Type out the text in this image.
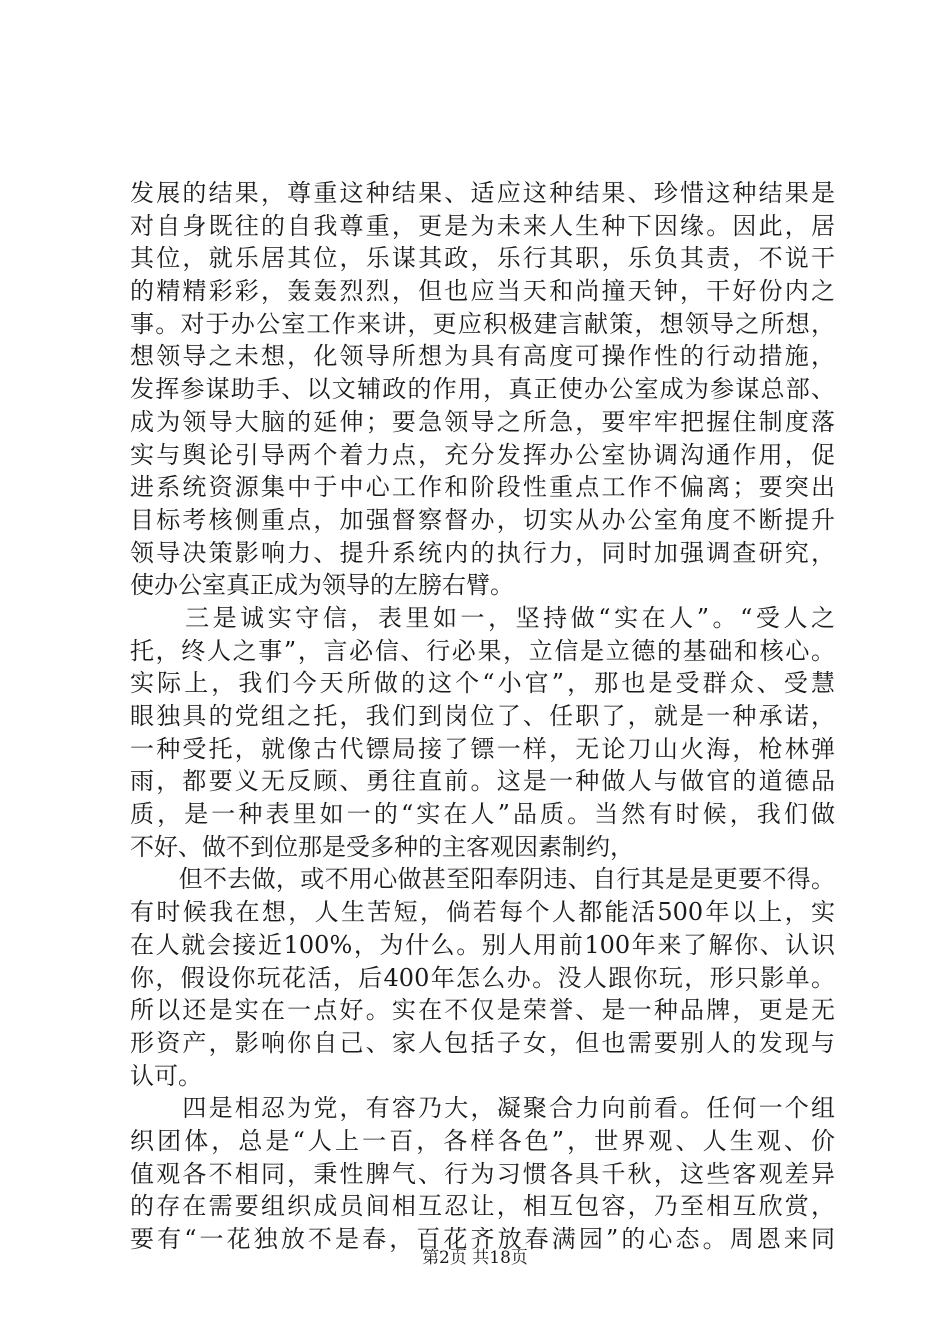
发展的结果，尊重这种结果、适应这种结果、珍惜这种结果是
对自身既往的自我尊重，更是为未来人生种下因缘。因此，居
其位，就乐居其位，乐谋其政，乐行其职，乐负其责，不说干
的精精彩彩，轰轰烈烈，但也应当天和尚撞天钟，干好份内之
事。对于办公室工作来讲，更应积极建言献策，想领导之所想，
想领导之未想，化领导所想为具有高度可操作性的行动措施，
发挥参谋助手、以文辅政的作用，真正使办公室成为参谋总部、
成为领导大脑的延伸；要急领导之所急，要牢牢把握住制度落
实与舆论引导两个着力点，充分发挥办公室协调沟通作用，促
进系统资源集中于中心工作和阶段性重点工作不偏离；要突出
目标考核侧重点，加强督察督办，切实从办公室角度不断提升
领导决策影响力、提升系统内的执行力，同时加强调查研究，
使办公室真正成为领导的左膀右臂。
　　三是诚实守信，表里如一，坚持做“实在人”。“受人之
托，终人之事”，言必信、行必果，立信是立德的基础和核心。
实际上，我们今天所做的这个“小官”，那也是受群众、受慧
眼独具的党组之托，我们到岗位了、任职了，就是一种承诺，
一种受托，就像古代镖局接了镖一样，无论刀山火海，枪林弹
雨，都要义无反顾、勇往直前。这是一种做人与做官的道德品
质，是一种表里如一的“实在人”品质。当然有时候，我们做
不好、做不到位那是受多种的主客观因素制约，
　　但不去做，或不用心做甚至阳奉阴违、自行其是是更要不得。
有时候我在想，人生苦短，倘若每个人都能活500年以上，实
在人就会接近100%，为什么。别人用前100年来了解你、认识
你，假设你玩花活，后400年怎么办。没人跟你玩，形只影单。
所以还是实在一点好。实在不仅是荣誉、是一种品牌，更是无
形资产，影响你自己、家人包括子女，但也需要别人的发现与
认可。
　　四是相忍为党，有容乃大，凝聚合力向前看。任何一个组
织团体，总是“人上一百，各样各色”，世界观、人生观、价
值观各不相同，秉性脾气、行为习惯各具千秋，这些客观差异
的存在需要组织成员间相互忍让，相互包容，乃至相互欣赏，
要有“一花独放不是春，百花齐放春满园”的心态。周恩来同
第2页 共18页
